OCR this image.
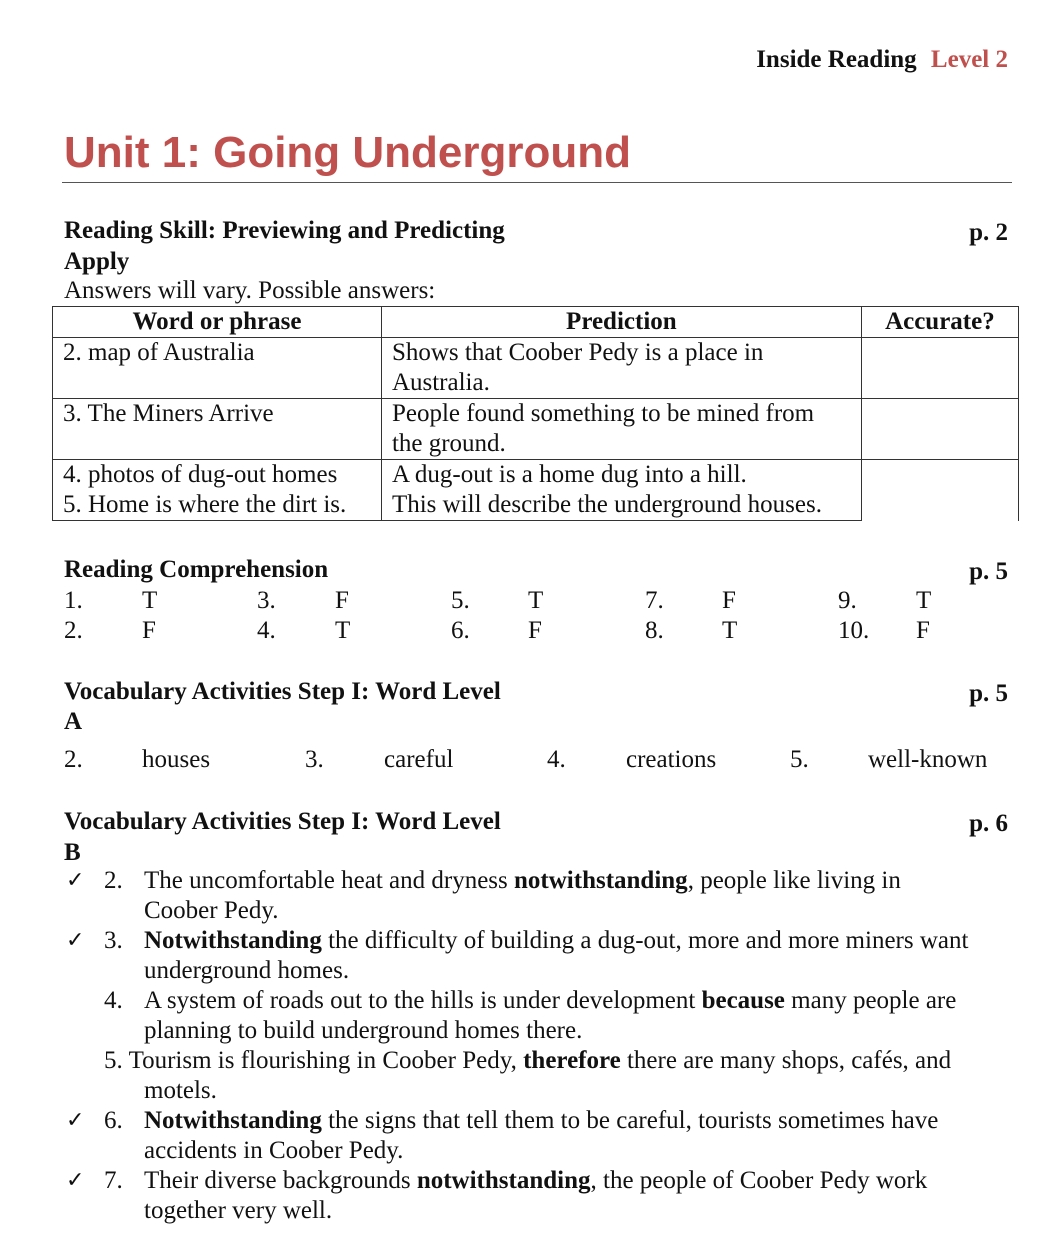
Inside Reading Level 2
Unit 1: Going Underground
Reading Skill: Previewing and Predicting	p. 2
Apply
Answers will vary. Possible answers:
Word or phrase	Prediction	Accurate?
2. map of Australia	Shows that Coober Pedy is a place in
Australia.	

3. The Miners Arrive	People found something to be mined from
the ground.	

4. photos of dug-out homes	A dug-out is a home dug into a hill.	

5. Home is where the dirt is.	This will describe the underground houses.	
Reading Comprehension	p. 5
1. T
2. F
3. F
4. T
5. T
6. F
7. F
8. T
9. T
10. F
Vocabulary Activities Step I: Word Level	p. 5
A
2. houses	3. careful	4. creations	5. well-known
Vocabulary Activities Step I: Word Level	p. 6
B
✓ 2. The uncomfortable heat and dryness notwithstanding, people like living in
Coober Pedy.
✓ 3. Notwithstanding the difficulty of building a dug-out, more and more miners want
underground homes.
4. A system of roads out to the hills is under development because many people are
planning to build underground homes there.
5. Tourism is flourishing in Coober Pedy, therefore there are many shops, cafés, and
motels.
✓ 6. Notwithstanding the signs that tell them to be careful, tourists sometimes have
accidents in Coober Pedy.
✓ 7. Their diverse backgrounds notwithstanding, the people of Coober Pedy work
together very well.
